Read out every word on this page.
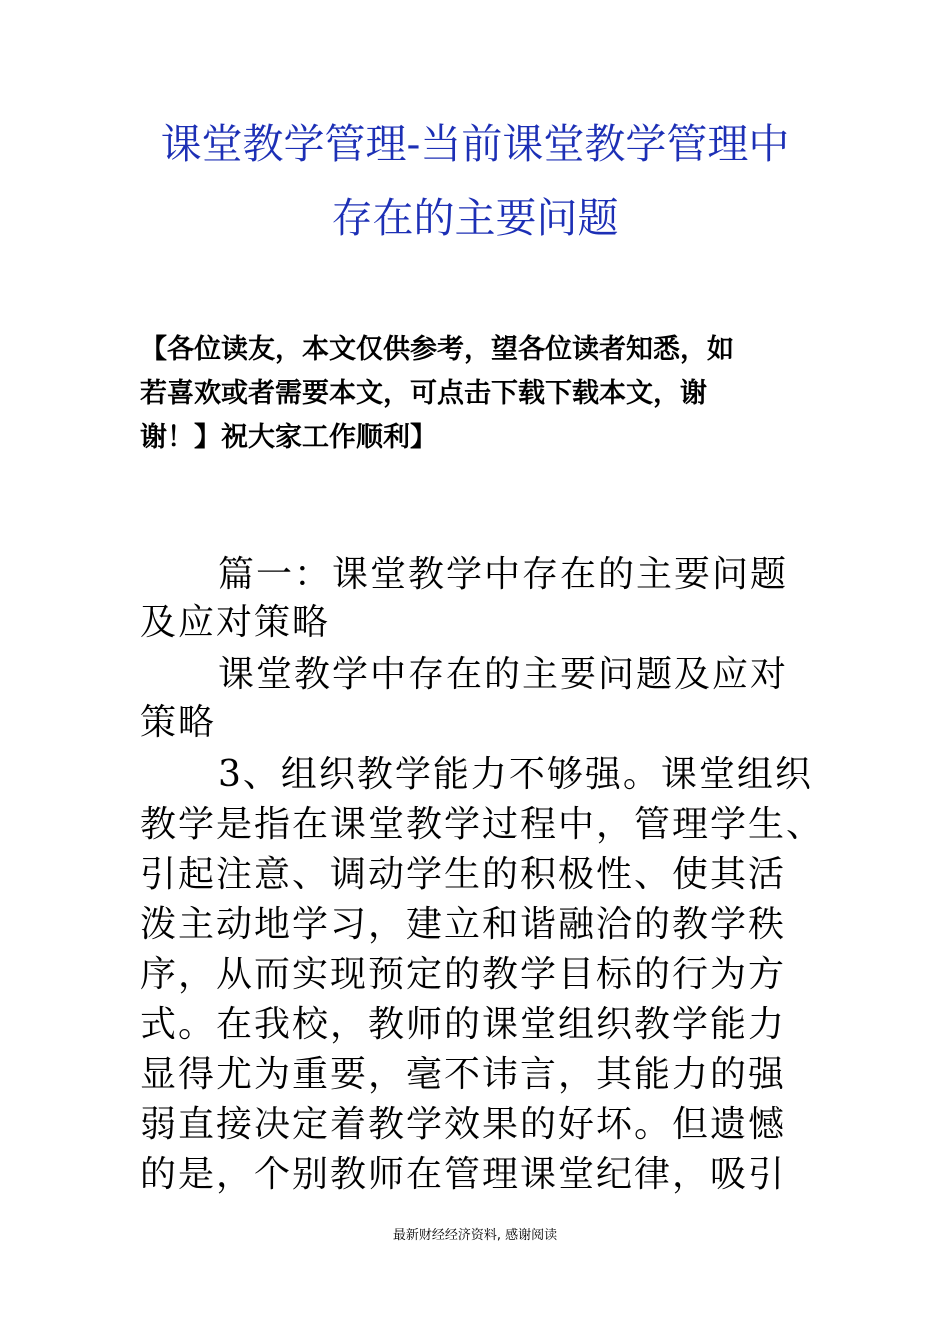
课堂教学管理-当前课堂教学管理中
存在的主要问题
【各位读友，本文仅供参考，望各位读者知悉，如
若喜欢或者需要本文，可点击下载下载本文，谢
谢！】祝大家工作顺利】
篇一：课堂教学中存在的主要问题
及应对策略
课堂教学中存在的主要问题及应对
策略
3、组织教学能力不够强。课堂组织
教学是指在课堂教学过程中，管理学生、
引起注意、调动学生的积极性、使其活
泼主动地学习，建立和谐融洽的教学秩
序，从而实现预定的教学目标的行为方
式。在我校，教师的课堂组织教学能力
显得尤为重要，毫不讳言，其能力的强
弱直接决定着教学效果的好坏。但遗憾
的是，个别教师在管理课堂纪律，吸引
最新财经经济资料, 感谢阅读
